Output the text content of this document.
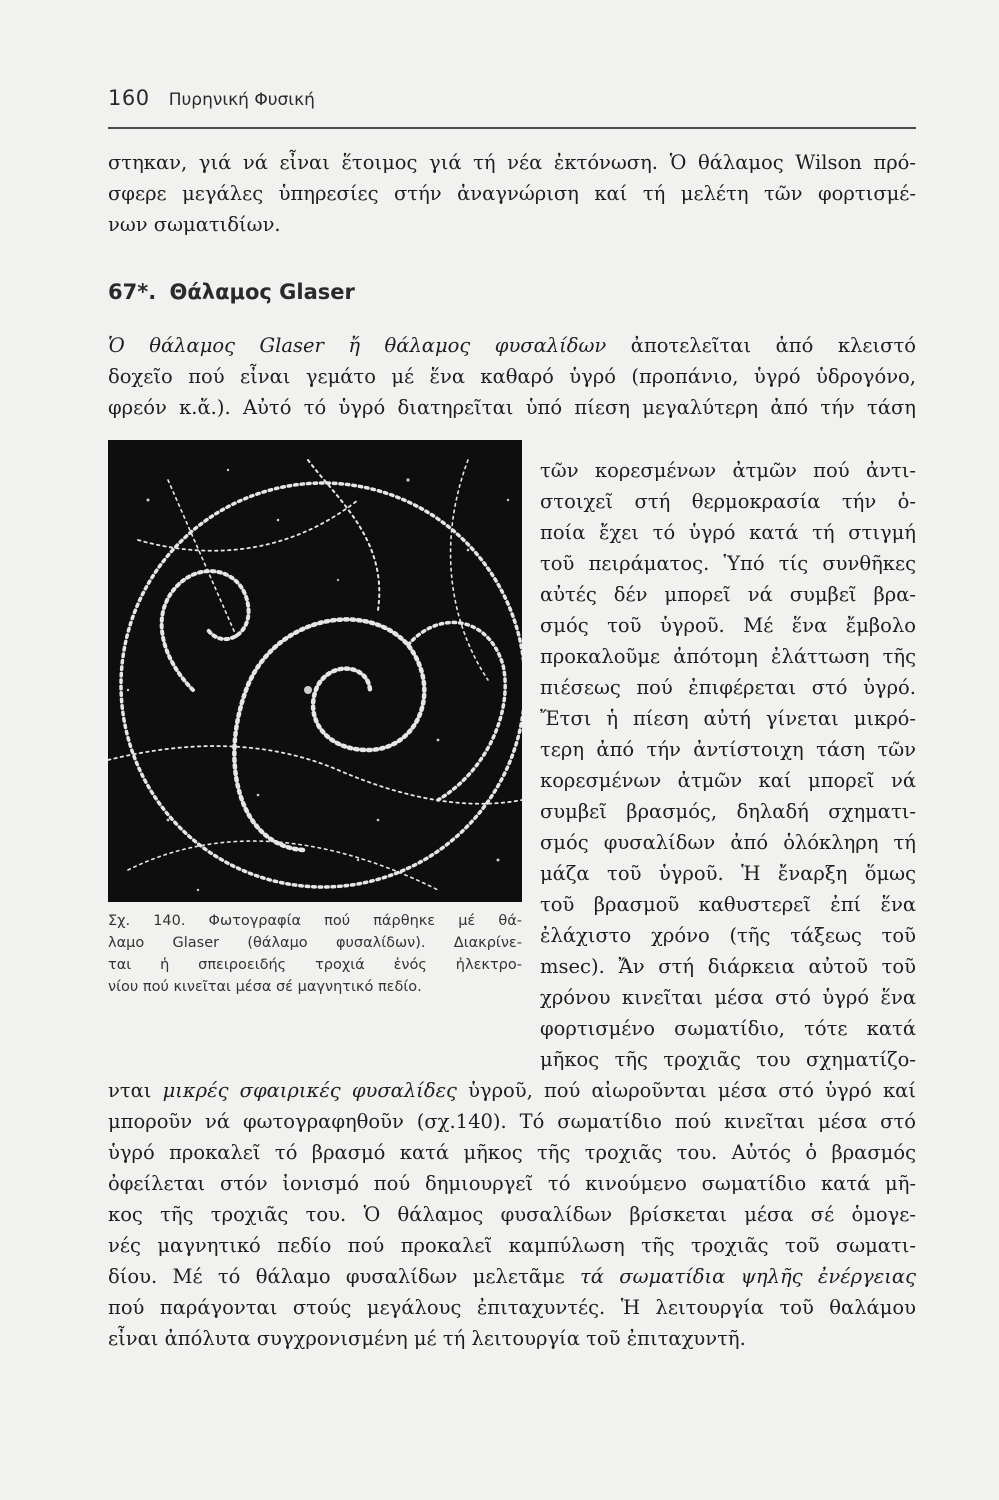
160 Πυρηνική Φυσική
στηκαν, γιά νά εἶναι ἕτοιμος γιά τή νέα ἐκτόνωση. Ὁ θάλαμος Wilson πρό-
σφερε μεγάλες ὑπηρεσίες στήν ἀναγνώριση καί τή μελέτη τῶν φορτισμέ-
νων σωματιδίων.
67*. Θάλαμος Glaser
Ὁ θάλαμος Glaser ἤ θάλαμος φυσαλίδων ἀποτελεῖται ἀπό κλειστό
δοχεῖο πού εἶναι γεμάτο μέ ἕνα καθαρό ὑγρό (προπάνιο, ὑγρό ὑδρογόνο,
φρεόν κ.ἄ.). Αὐτό τό ὑγρό διατηρεῖται ὑπό πίεση μεγαλύτερη ἀπό τήν τάση
τῶν κορεσμένων ἀτμῶν πού ἀντι-
στοιχεῖ στή θερμοκρασία τήν ὁ-
ποία ἔχει τό ὑγρό κατά τή στιγμή
τοῦ πειράματος. Ὑπό τίς συνθῆκες
αὐτές δέν μπορεῖ νά συμβεῖ βρα-
σμός τοῦ ὑγροῦ. Μέ ἕνα ἔμβολο
προκαλοῦμε ἀπότομη ἐλάττωση τῆς
πιέσεως πού ἐπιφέρεται στό ὑγρό.
Ἔτσι ἡ πίεση αὐτή γίνεται μικρό-
τερη ἀπό τήν ἀντίστοιχη τάση τῶν
κορεσμένων ἀτμῶν καί μπορεῖ νά
συμβεῖ βρασμός, δηλαδή σχηματι-
σμός φυσαλίδων ἀπό ὁλόκληρη τή
μάζα τοῦ ὑγροῦ. Ἡ ἔναρξη ὅμως
τοῦ βρασμοῦ καθυστερεῖ ἐπί ἕνα
ἐλάχιστο χρόνο (τῆς τάξεως τοῦ
msec). Ἄν στή διάρκεια αὐτοῦ τοῦ
χρόνου κινεῖται μέσα στό ὑγρό ἕνα
φορτισμένο σωματίδιο, τότε κατά
μῆκος τῆς τροχιᾶς του σχηματίζο-
Σχ. 140. Φωτογραφία πού πάρθηκε μέ θά-
λαμο Glaser (θάλαμο φυσαλίδων). Διακρίνε-
ται ἡ σπειροειδής τροχιά ἑνός ἠλεκτρο-
νίου πού κινεῖται μέσα σέ μαγνητικό πεδίο.
νται μικρές σφαιρικές φυσαλίδες ὑγροῦ, πού αἰωροῦνται μέσα στό ὑγρό καί
μποροῦν νά φωτογραφηθοῦν (σχ.140). Τό σωματίδιο πού κινεῖται μέσα στό
ὑγρό προκαλεῖ τό βρασμό κατά μῆκος τῆς τροχιᾶς του. Αὐτός ὁ βρασμός
ὀφείλεται στόν ἰονισμό πού δημιουργεῖ τό κινούμενο σωματίδιο κατά μῆ-
κος τῆς τροχιᾶς του. Ὁ θάλαμος φυσαλίδων βρίσκεται μέσα σέ ὁμογε-
νές μαγνητικό πεδίο πού προκαλεῖ καμπύλωση τῆς τροχιᾶς τοῦ σωματι-
δίου. Μέ τό θάλαμο φυσαλίδων μελετᾶμε τά σωματίδια ψηλῆς ἐνέργειας
πού παράγονται στούς μεγάλους ἐπιταχυντές. Ἡ λειτουργία τοῦ θαλάμου
εἶναι ἀπόλυτα συγχρονισμένη μέ τή λειτουργία τοῦ ἐπιταχυντῆ.
